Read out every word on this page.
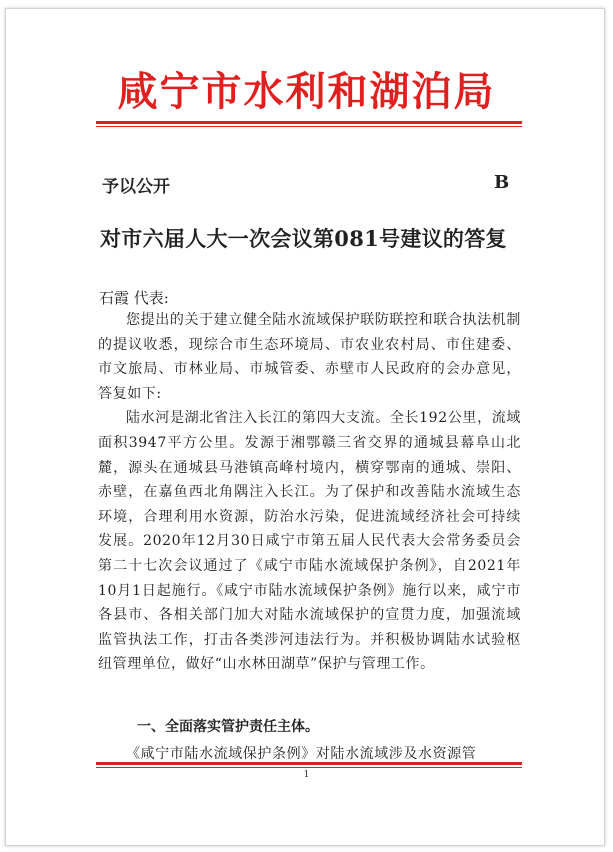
咸宁市水利和湖泊局
予以公开	B
对市六届人大一次会议第081号建议的答复
石霞 代表:

您提出的关于建立健全陆水流域保护联防联控和联合执法机制的提议收悉，现综合市生态环境局、市农业农村局、市住建委、市文旅局、市林业局、市城管委、赤壁市人民政府的会办意见，答复如下:

陆水河是湖北省注入长江的第四大支流。全长192公里，流域面积3947平方公里。发源于湘鄂赣三省交界的通城县幕阜山北麓，源头在通城县马港镇高峰村境内，横穿鄂南的通城、崇阳、赤壁，在嘉鱼西北角隅注入长江。为了保护和改善陆水流域生态环境，合理利用水资源，防治水污染，促进流域经济社会可持续发展。2020年12月30日咸宁市第五届人民代表大会常务委员会第二十七次会议通过了《咸宁市陆水流域保护条例》，自2021年10月1日起施行。《咸宁市陆水流域保护条例》施行以来，咸宁市各县市、各相关部门加大对陆水流域保护的宣贯力度，加强流域监管执法工作，打击各类涉河违法行为。并积极协调陆水试验枢纽管理单位，做好“山水林田湖草”保护与管理工作。

一、全面落实管护责任主体。
《咸宁市陆水流域保护条例》对陆水流域涉及水资源管
1
